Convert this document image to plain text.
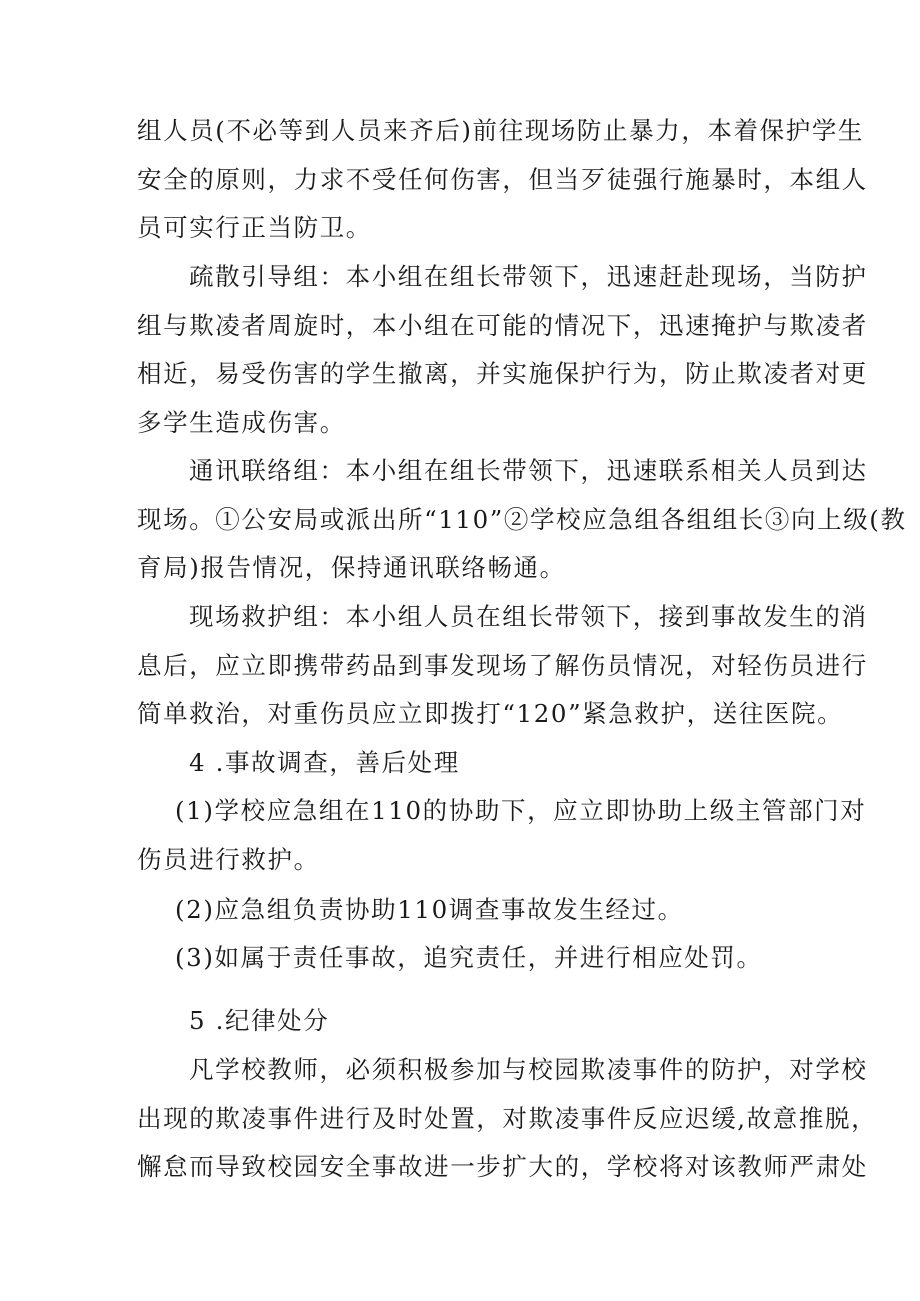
组人员(不必等到人员来齐后)前往现场防止暴力，本着保护学生
安全的原则，力求不受任何伤害，但当歹徒强行施暴时，本组人
员可实行正当防卫。
疏散引导组：本小组在组长带领下，迅速赶赴现场，当防护
组与欺凌者周旋时，本小组在可能的情况下，迅速掩护与欺凌者
相近，易受伤害的学生撤离，并实施保护行为，防止欺凌者对更
多学生造成伤害。
通讯联络组：本小组在组长带领下，迅速联系相关人员到达
现场。①公安局或派出所“110”②学校应急组各组组长③向上级(教
育局)报告情况，保持通讯联络畅通。
现场救护组：本小组人员在组长带领下，接到事故发生的消
息后，应立即携带药品到事发现场了解伤员情况，对轻伤员进行
简单救治，对重伤员应立即拨打“120”紧急救护，送往医院。
4 .事故调查，善后处理
(1)学校应急组在110的协助下，应立即协助上级主管部门对
伤员进行救护。
(2)应急组负责协助110调查事故发生经过。
(3)如属于责任事故，追究责任，并进行相应处罚。
5 .纪律处分
凡学校教师，必须积极参加与校园欺凌事件的防护，对学校
出现的欺凌事件进行及时处置，对欺凌事件反应迟缓,故意推脱，
懈怠而导致校园安全事故进一步扩大的，学校将对该教师严肃处
